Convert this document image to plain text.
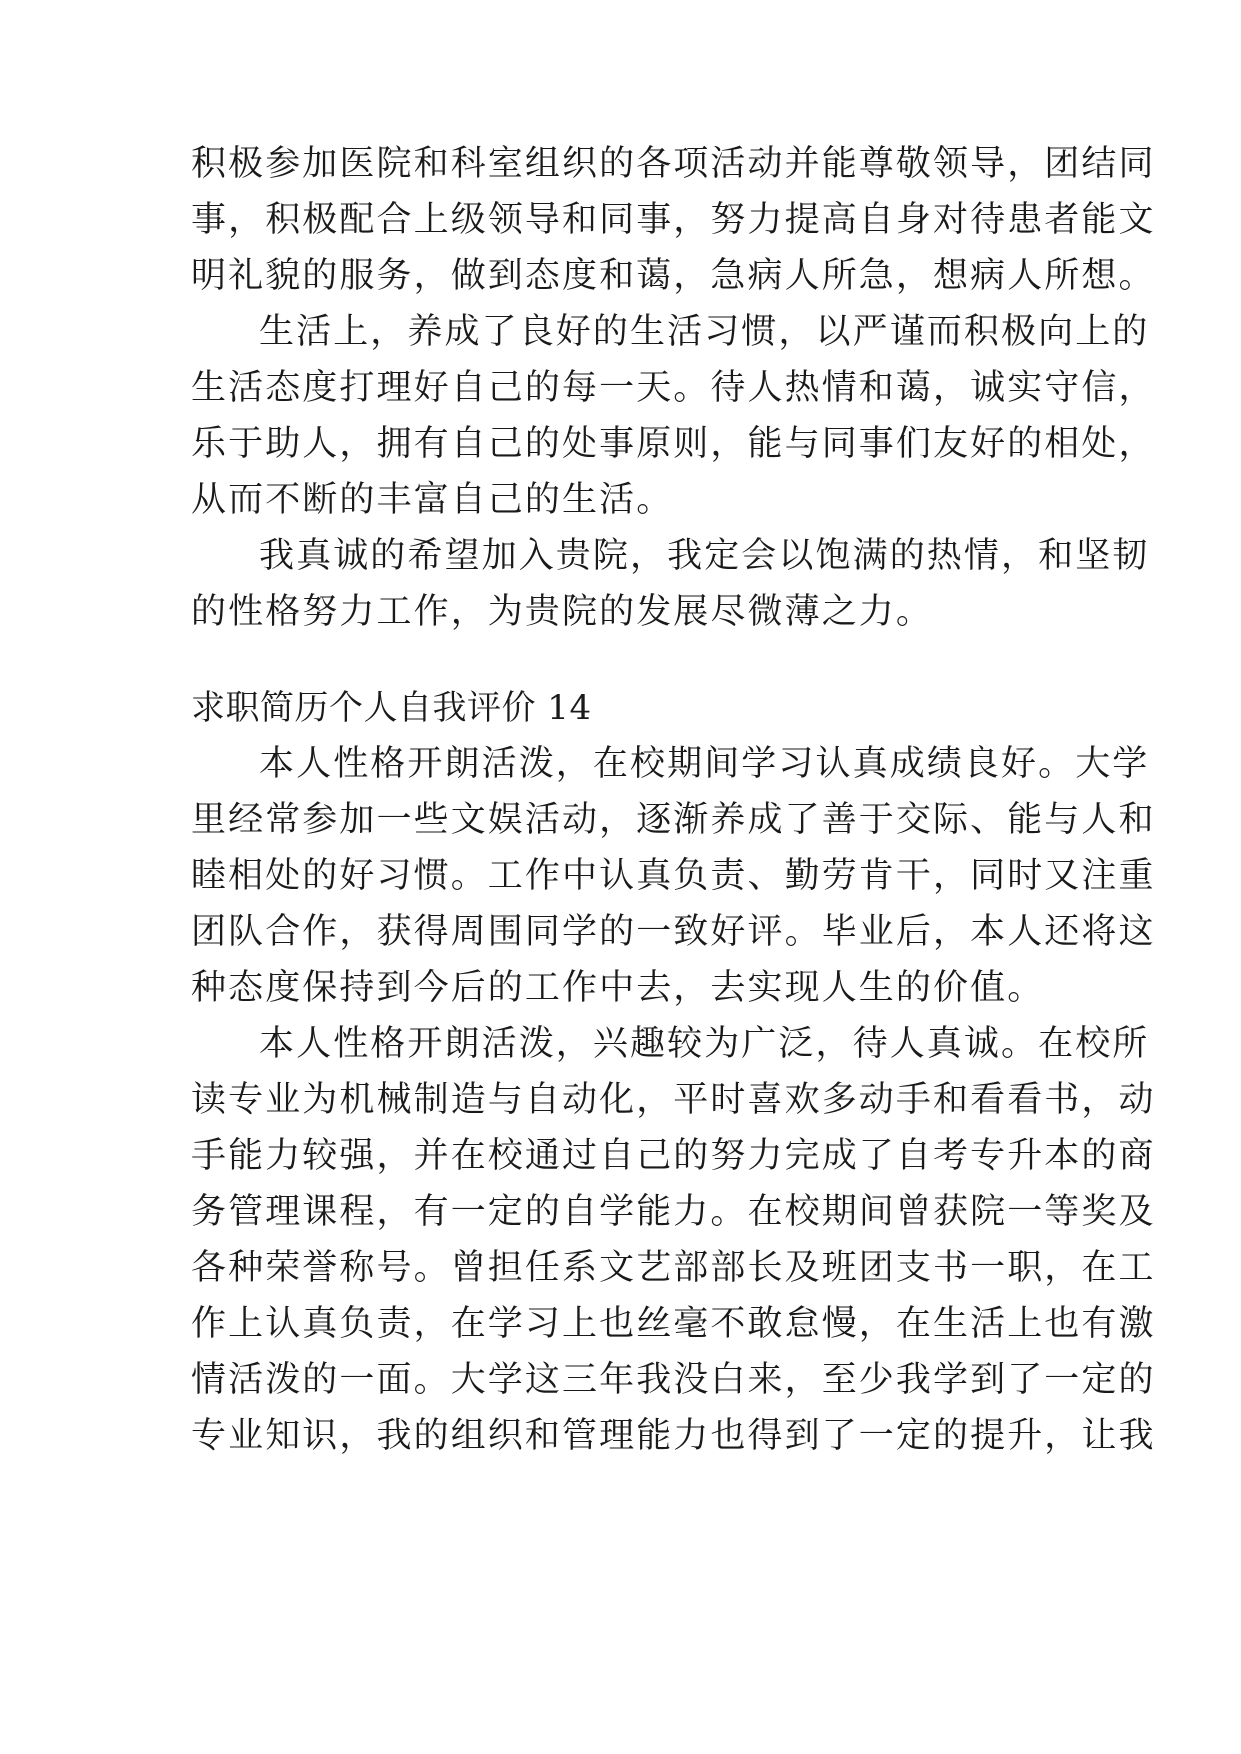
积极参加医院和科室组织的各项活动并能尊敬领导，团结同
事，积极配合上级领导和同事，努力提高自身对待患者能文
明礼貌的服务，做到态度和蔼，急病人所急，想病人所想。
生活上，养成了良好的生活习惯，以严谨而积极向上的
生活态度打理好自己的每一天。待人热情和蔼，诚实守信，
乐于助人，拥有自己的处事原则，能与同事们友好的相处，
从而不断的丰富自己的生活。
我真诚的希望加入贵院，我定会以饱满的热情，和坚韧
的性格努力工作，为贵院的发展尽微薄之力。
求职简历个人自我评价 14
本人性格开朗活泼，在校期间学习认真成绩良好。大学
里经常参加一些文娱活动，逐渐养成了善于交际、能与人和
睦相处的好习惯。工作中认真负责、勤劳肯干，同时又注重
团队合作，获得周围同学的一致好评。毕业后，本人还将这
种态度保持到今后的工作中去，去实现人生的价值。
本人性格开朗活泼，兴趣较为广泛，待人真诚。在校所
读专业为机械制造与自动化，平时喜欢多动手和看看书，动
手能力较强，并在校通过自己的努力完成了自考专升本的商
务管理课程，有一定的自学能力。在校期间曾获院一等奖及
各种荣誉称号。曾担任系文艺部部长及班团支书一职，在工
作上认真负责，在学习上也丝毫不敢怠慢，在生活上也有激
情活泼的一面。大学这三年我没白来，至少我学到了一定的
专业知识，我的组织和管理能力也得到了一定的提升，让我
